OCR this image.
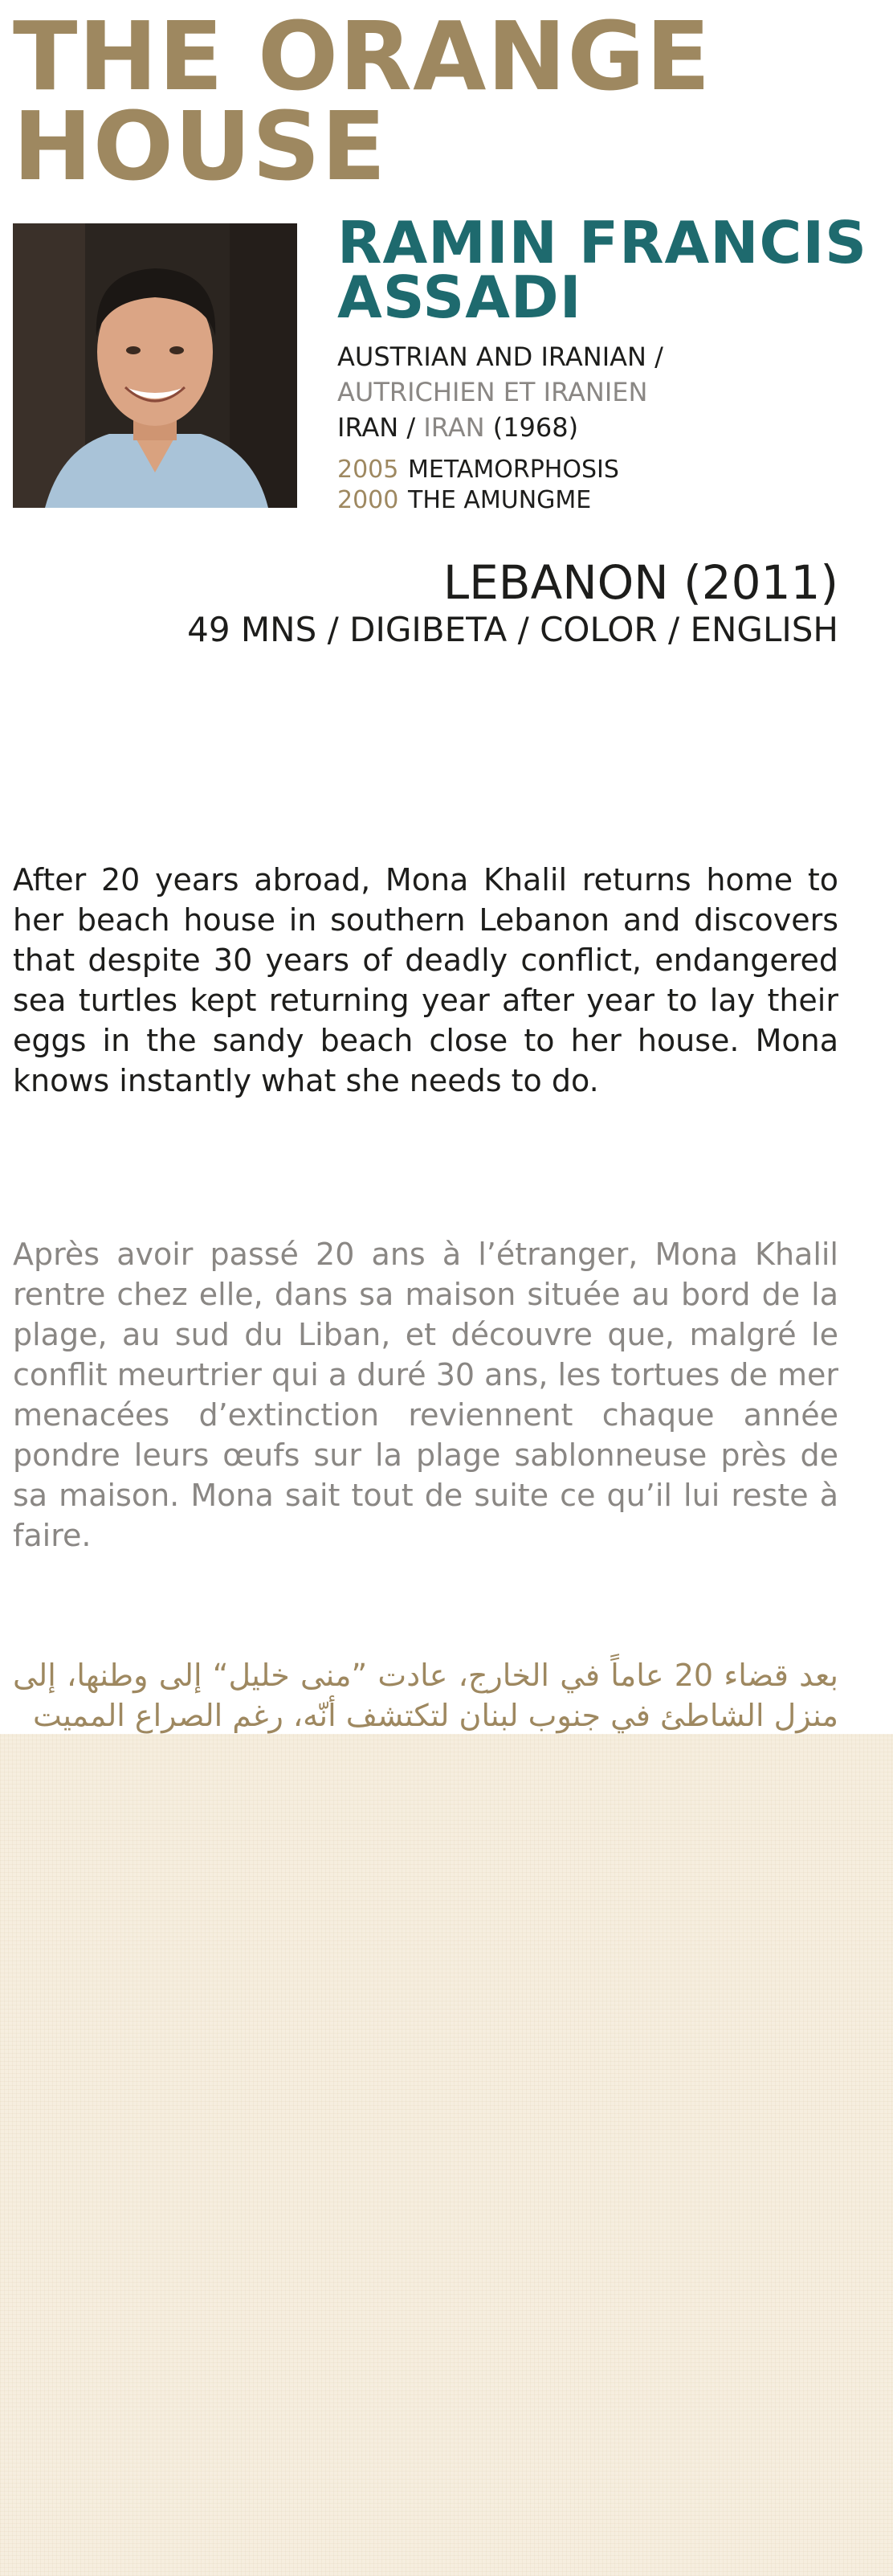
THE ORANGE HOUSE
RAMIN FRANCIS ASSADI

AUSTRIAN AND IRANIAN /
AUTRICHIEN ET IRANIEN
IRAN / IRAN (1968)

2005 METAMORPHOSIS
2000 THE AMUNGME

LEBANON (2011)

49 MNS / DIGIBETA / COLOR / ENGLISH

After 20 years abroad, Mona Khalil returns home to her beach house in southern Lebanon and discovers that despite 30 years of deadly conflict, endangered sea turtles kept returning year after year to lay their eggs in the sandy beach close to her house. Mona knows instantly what she needs to do.

Après avoir passé 20 ans à l’étranger, Mona Khalil rentre chez elle, dans sa maison située au bord de la plage, au sud du Liban, et découvre que, malgré le conflit meurtrier qui a duré 30 ans, les tortues de mer menacées d’extinction reviennent chaque année pondre leurs œufs sur la plage sablonneuse près de sa maison. Mona sait tout de suite ce qu’il lui reste à faire.

بعد قضاء 20 عاماً في الخارج، عادت ”منى خليل“ إلى وطنها، إلى منزل الشاطئ في جنوب لبنان لتكتشف أنّه، رغم الصراع المميت
